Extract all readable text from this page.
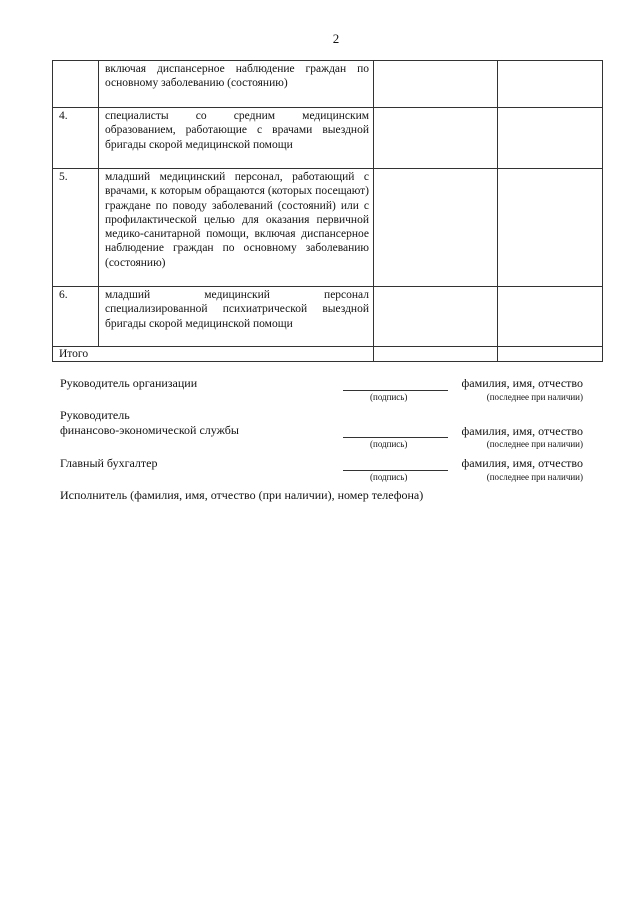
2
	включая диспансерное наблюдение граждан по основному заболеванию (состоянию)		
4.	специалисты со средним медицинским образованием, работающие с врачами выездной бригады скорой медицинской помощи		
5.	младший медицинский персонал, работающий с врачами, к которым обращаются (которых посещают) граждане по поводу заболеваний (состояний) или с профилактической целью для оказания первичной медико-санитарной помощи, включая диспансерное наблюдение граждан по основному заболеванию (состоянию)		
6.	младший медицинский персонал специализированной психиатрической выездной бригады скорой медицинской помощи		
Итого			
Руководитель организации	фамилия, имя, отчество
(подпись)	(последнее при наличии)
Руководитель
финансово-экономической службы	фамилия, имя, отчество
(подпись)	(последнее при наличии)
Главный бухгалтер	фамилия, имя, отчество
(подпись)	(последнее при наличии)
Исполнитель (фамилия, имя, отчество (при наличии), номер телефона)
